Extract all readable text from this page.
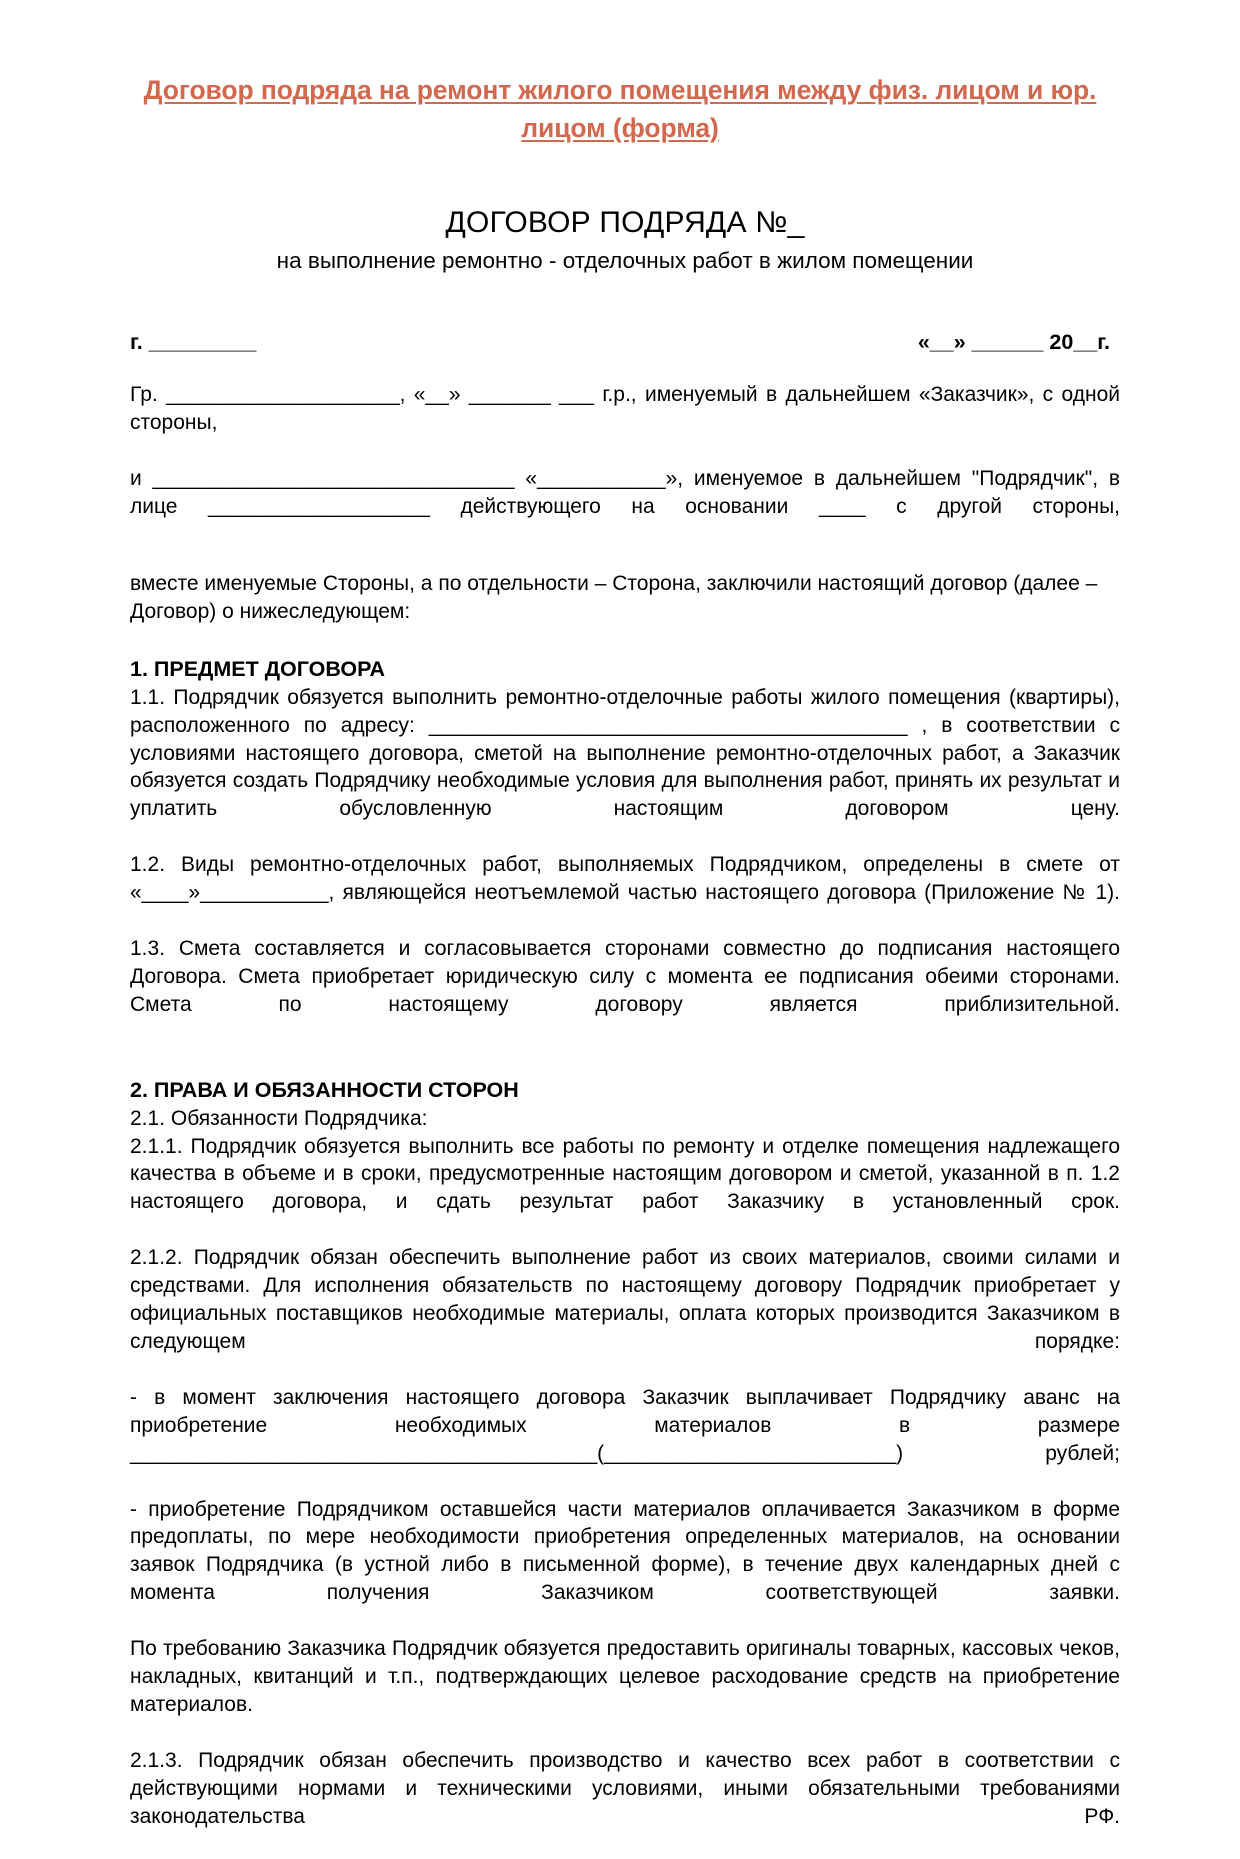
Договор подряда на ремонт жилого помещения между физ. лицом и юр. лицом (форма)
ДОГОВОР ПОДРЯДА №_
на выполнение ремонтно - отделочных работ в жилом помещении
г. _________	«__» ______ 20__г.

Гр. ____________________, «__» _______ ___ г.р., именуемый в дальнейшем «Заказчик», с одной стороны,

и _______________________________ «___________», именуемое в дальнейшем "Подрядчик", в лице ___________________ действующего на основании ____ с другой стороны,

вместе именуемые Стороны, а по отдельности – Сторона, заключили настоящий договор (далее – Договор) о нижеследующем:

1. ПРЕДМЕТ ДОГОВОРА

1.1. Подрядчик обязуется выполнить ремонтно-отделочные работы жилого помещения (квартиры), расположенного по адресу: _________________________________________ , в соответствии с условиями настоящего договора, сметой на выполнение ремонтно-отделочных работ, а Заказчик обязуется создать Подрядчику необходимые условия для выполнения работ, принять их результат и уплатить обусловленную настоящим договором цену.

1.2. Виды ремонтно-отделочных работ, выполняемых Подрядчиком, определены в смете от «____»___________, являющейся неотъемлемой частью настоящего договора (Приложение № 1).

1.3. Смета составляется и согласовывается сторонами совместно до подписания настоящего Договора. Смета приобретает юридическую силу с момента ее подписания обеими сторонами. Смета по настоящему договору является приблизительной.

2. ПРАВА И ОБЯЗАННОСТИ СТОРОН

2.1. Обязанности Подрядчика:

2.1.1. Подрядчик обязуется выполнить все работы по ремонту и отделке помещения надлежащего качества в объеме и в сроки, предусмотренные настоящим договором и сметой, указанной в п. 1.2 настоящего договора, и сдать результат работ Заказчику в установленный срок.

2.1.2. Подрядчик обязан обеспечить выполнение работ из своих материалов, своими силами и средствами. Для исполнения обязательств по настоящему договору Подрядчик приобретает у официальных поставщиков необходимые материалы, оплата которых производится Заказчиком в следующем порядке:

- в момент заключения настоящего договора Заказчик выплачивает Подрядчику аванс на приобретение необходимых материалов в размере ________________________________________(_________________________) рублей;

- приобретение Подрядчиком оставшейся части материалов оплачивается Заказчиком в форме предоплаты, по мере необходимости приобретения определенных материалов, на основании заявок Подрядчика (в устной либо в письменной форме), в течение двух календарных дней с момента получения Заказчиком соответствующей заявки.

По требованию Заказчика Подрядчик обязуется предоставить оригиналы товарных, кассовых чеков, накладных, квитанций и т.п., подтверждающих целевое расходование средств на приобретение материалов.

2.1.3. Подрядчик обязан обеспечить производство и качество всех работ в соответствии с действующими нормами и техническими условиями, иными обязательными требованиями законодательства РФ.
